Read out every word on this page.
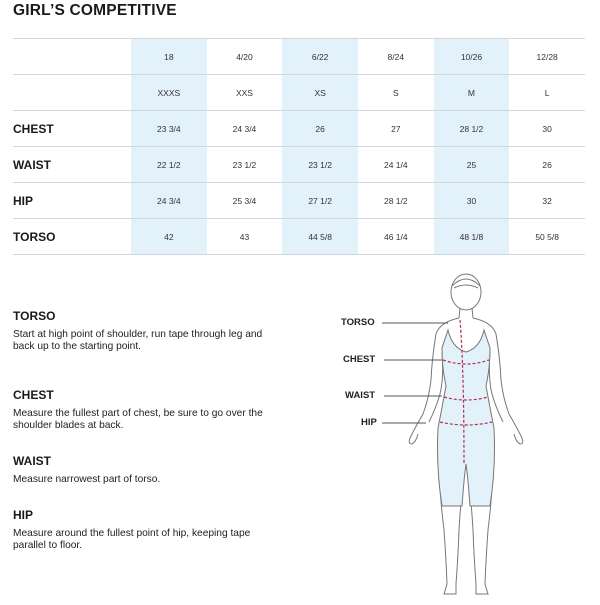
GIRL’S COMPETITIVE
	18	4/20	6/22	8/24	10/26	12/28
	XXXS	XXS	XS	S	M	L
CHEST	23 3/4	24 3/4	26	27	28 1/2	30
WAIST	22 1/2	23 1/2	23 1/2	24 1/4	25	26
HIP	24 3/4	25 3/4	27 1/2	28 1/2	30	32
TORSO	42	43	44 5/8	46 1/4	48 1/8	50 5/8
TORSO

Start at high point of shoulder, run tape through leg and back up to the starting point.

CHEST

Measure the fullest part of chest, be sure to go over the shoulder blades at back.

WAIST

Measure narrowest part of torso.

HIP

Measure around the fullest point of hip, keeping tape parallel to floor.

TORSO
CHEST
WAIST
HIP
